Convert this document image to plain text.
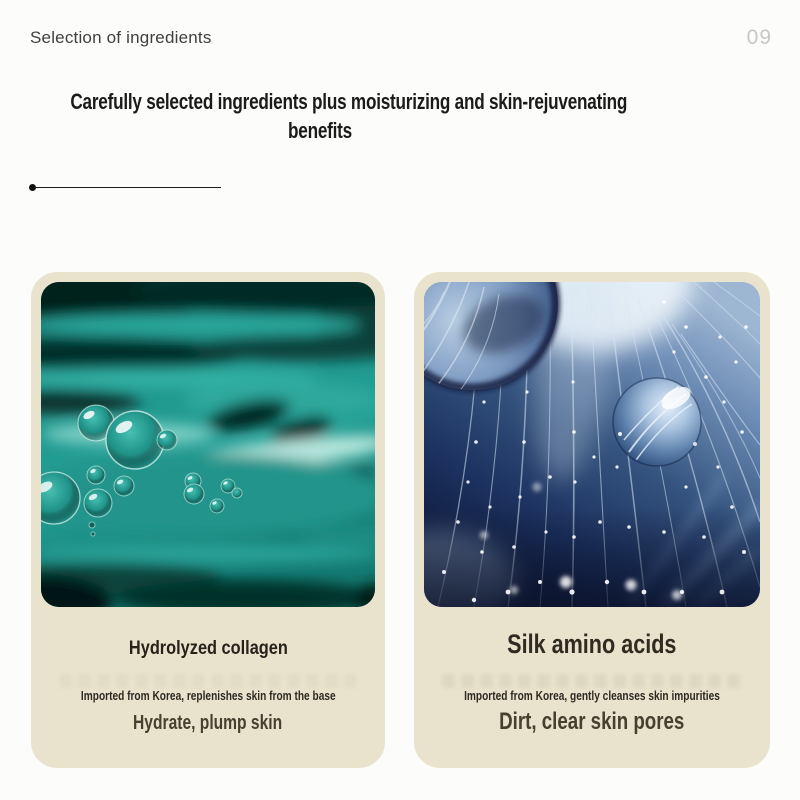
Selection of ingredients	09
Carefully selected ingredients plus moisturizing and skin-rejuvenating
benefits
Hydrolyzed collagen

Imported from Korea, replenishes skin from the base

Hydrate, plump skin

Silk amino acids

Imported from Korea, gently cleanses skin impurities

Dirt, clear skin pores
